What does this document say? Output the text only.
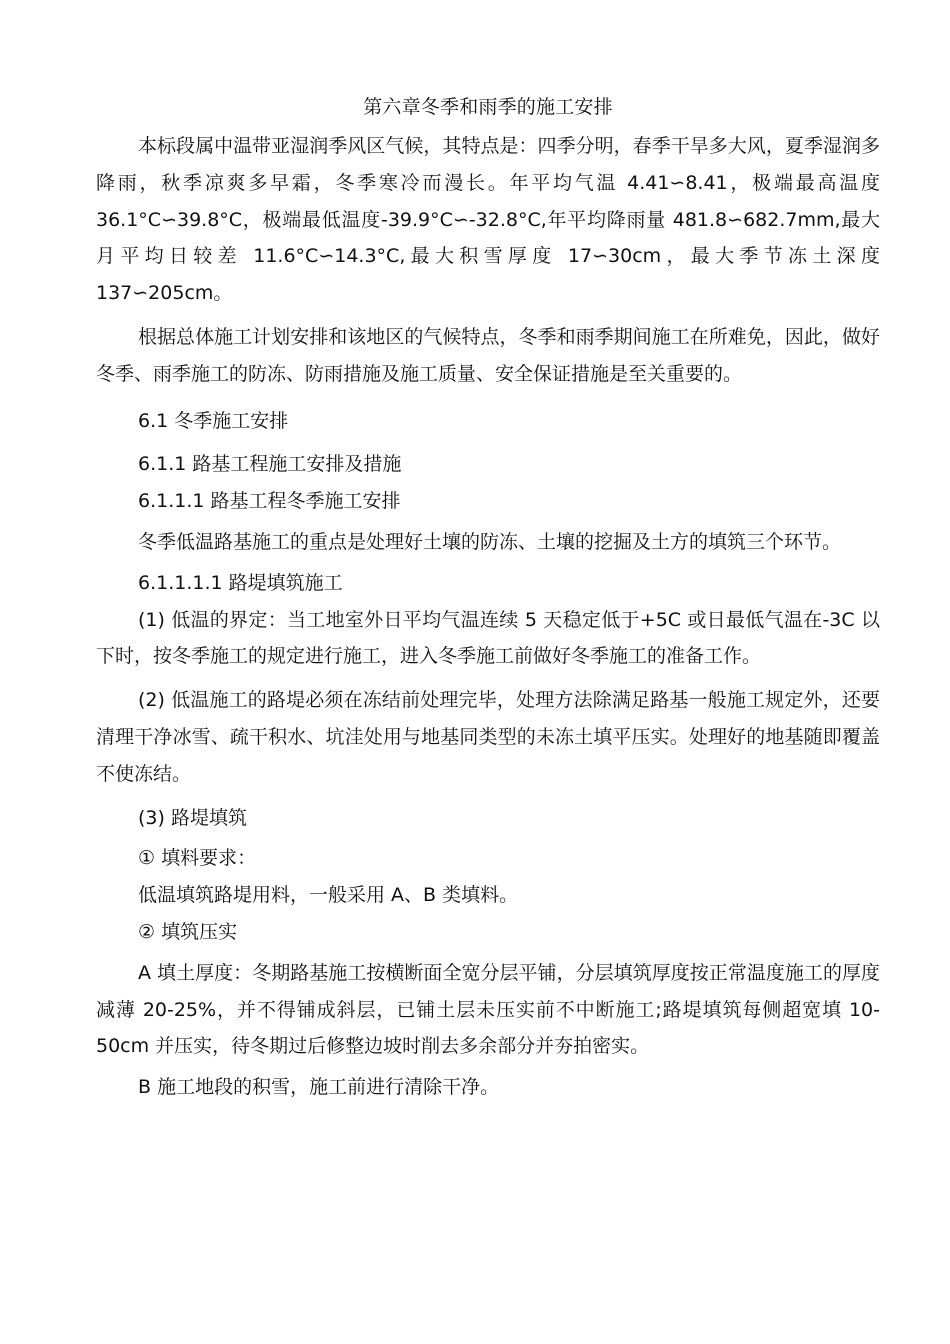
第六章冬季和雨季的施工安排

本标段属中温带亚湿润季风区气候，其特点是：四季分明，春季干旱多大风，夏季湿润多降雨，秋季凉爽多早霜，冬季寒冷而漫长。年平均气温 4.41∽8.41，极端最高温度 36.1°C∽39.8°C，极端最低温度-39.9°C∽-32.8°C,年平均降雨量 481.8∽682.7mm,最大月平均日较差 11.6°C∽14.3°C,最大积雪厚度 17∽30cm，最大季节冻土深度 137∽205cm。

根据总体施工计划安排和该地区的气候特点，冬季和雨季期间施工在所难免，因此，做好冬季、雨季施工的防冻、防雨措施及施工质量、安全保证措施是至关重要的。

6.1 冬季施工安排

6.1.1 路基工程施工安排及措施

6.1.1.1 路基工程冬季施工安排

冬季低温路基施工的重点是处理好土壤的防冻、土壤的挖掘及土方的填筑三个环节。

6.1.1.1.1 路堤填筑施工

(1) 低温的界定：当工地室外日平均气温连续 5 天稳定低于+5C 或日最低气温在-3C 以下时，按冬季施工的规定进行施工，进入冬季施工前做好冬季施工的准备工作。

(2) 低温施工的路堤必须在冻结前处理完毕，处理方法除满足路基一般施工规定外，还要清理干净冰雪、疏干积水、坑洼处用与地基同类型的未冻土填平压实。处理好的地基随即覆盖不使冻结。

(3) 路堤填筑

① 填料要求：

低温填筑路堤用料，一般采用 A、B 类填料。

② 填筑压实

A 填土厚度：冬期路基施工按横断面全宽分层平铺，分层填筑厚度按正常温度施工的厚度减薄 20-25%，并不得铺成斜层，已铺土层未压实前不中断施工;路堤填筑每侧超宽填 10-50cm 并压实，待冬期过后修整边坡时削去多余部分并夯拍密实。

B 施工地段的积雪，施工前进行清除干净。
